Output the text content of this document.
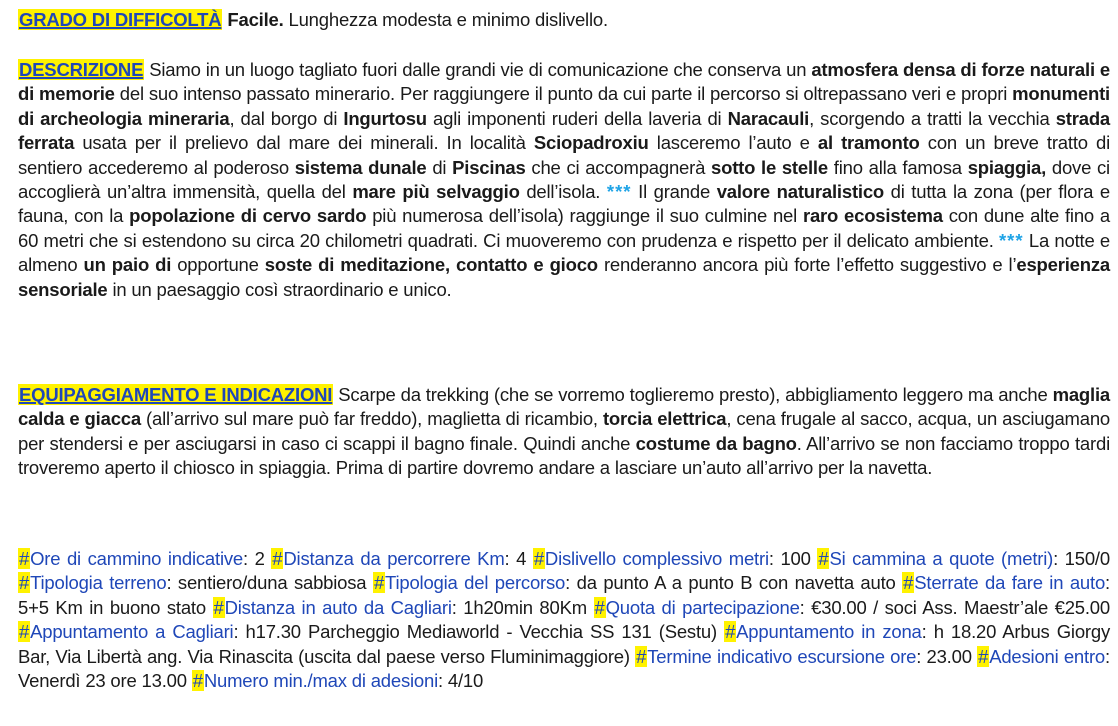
GRADO DI DIFFICOLTÀ Facile. Lunghezza modesta e minimo dislivello.
DESCRIZIONE Siamo in un luogo tagliato fuori dalle grandi vie di comunicazione che conserva un atmosfera densa di forze naturali e di memorie del suo intenso passato minerario. Per raggiungere il punto da cui parte il percorso si oltrepassano veri e propri monumenti di archeologia mineraria, dal borgo di Ingurtosu agli imponenti ruderi della laveria di Naracauli, scorgendo a tratti la vecchia strada ferrata usata per il prelievo dal mare dei minerali. In località Sciopadroxiu lasceremo l’auto e al tramonto con un breve tratto di sentiero accederemo al poderoso sistema dunale di Piscinas che ci accompagnerà sotto le stelle fino alla famosa spiaggia, dove ci accoglierà un’altra immensità, quella del mare più selvaggio dell’isola. *** Il grande valore naturalistico di tutta la zona (per flora e fauna, con la popolazione di cervo sardo più numerosa dell’isola) raggiunge il suo culmine nel raro ecosistema con dune alte fino a 60 metri che si estendono su circa 20 chilometri quadrati. Ci muoveremo con prudenza e rispetto per il delicato ambiente. *** La notte e almeno un paio di opportune soste di meditazione, contatto e gioco renderanno ancora più forte l’effetto suggestivo e l’esperienza sensoriale in un paesaggio così straordinario e unico.
EQUIPAGGIAMENTO E INDICAZIONI Scarpe da trekking (che se vorremo toglieremo presto), abbigliamento leggero ma anche maglia calda e giacca (all’arrivo sul mare può far freddo), maglietta di ricambio, torcia elettrica, cena frugale al sacco, acqua, un asciugamano per stendersi e per asciugarsi in caso ci scappi il bagno finale. Quindi anche costume da bagno. All’arrivo se non facciamo troppo tardi troveremo aperto il chiosco in spiaggia. Prima di partire dovremo andare a lasciare un’auto all’arrivo per la navetta.
#Ore di cammino indicative: 2 #Distanza da percorrere Km: 4 #Dislivello complessivo metri: 100 #Si cammina a quote (metri): 150/0 #Tipologia terreno: sentiero/duna sabbiosa #Tipologia del percorso: da punto A a punto B con navetta auto #Sterrate da fare in auto: 5+5 Km in buono stato #Distanza in auto da Cagliari: 1h20min 80Km #Quota di partecipazione: €30.00 / soci Ass. Maestr’ale €25.00 #Appuntamento a Cagliari: h17.30 Parcheggio Mediaworld - Vecchia SS 131 (Sestu) #Appuntamento in zona: h 18.20 Arbus Giorgy Bar, Via Libertà ang. Via Rinascita (uscita dal paese verso Fluminimaggiore) #Termine indicativo escursione ore: 23.00 #Adesioni entro: Venerdì 23 ore 13.00 #Numero min./max di adesioni: 4/10
